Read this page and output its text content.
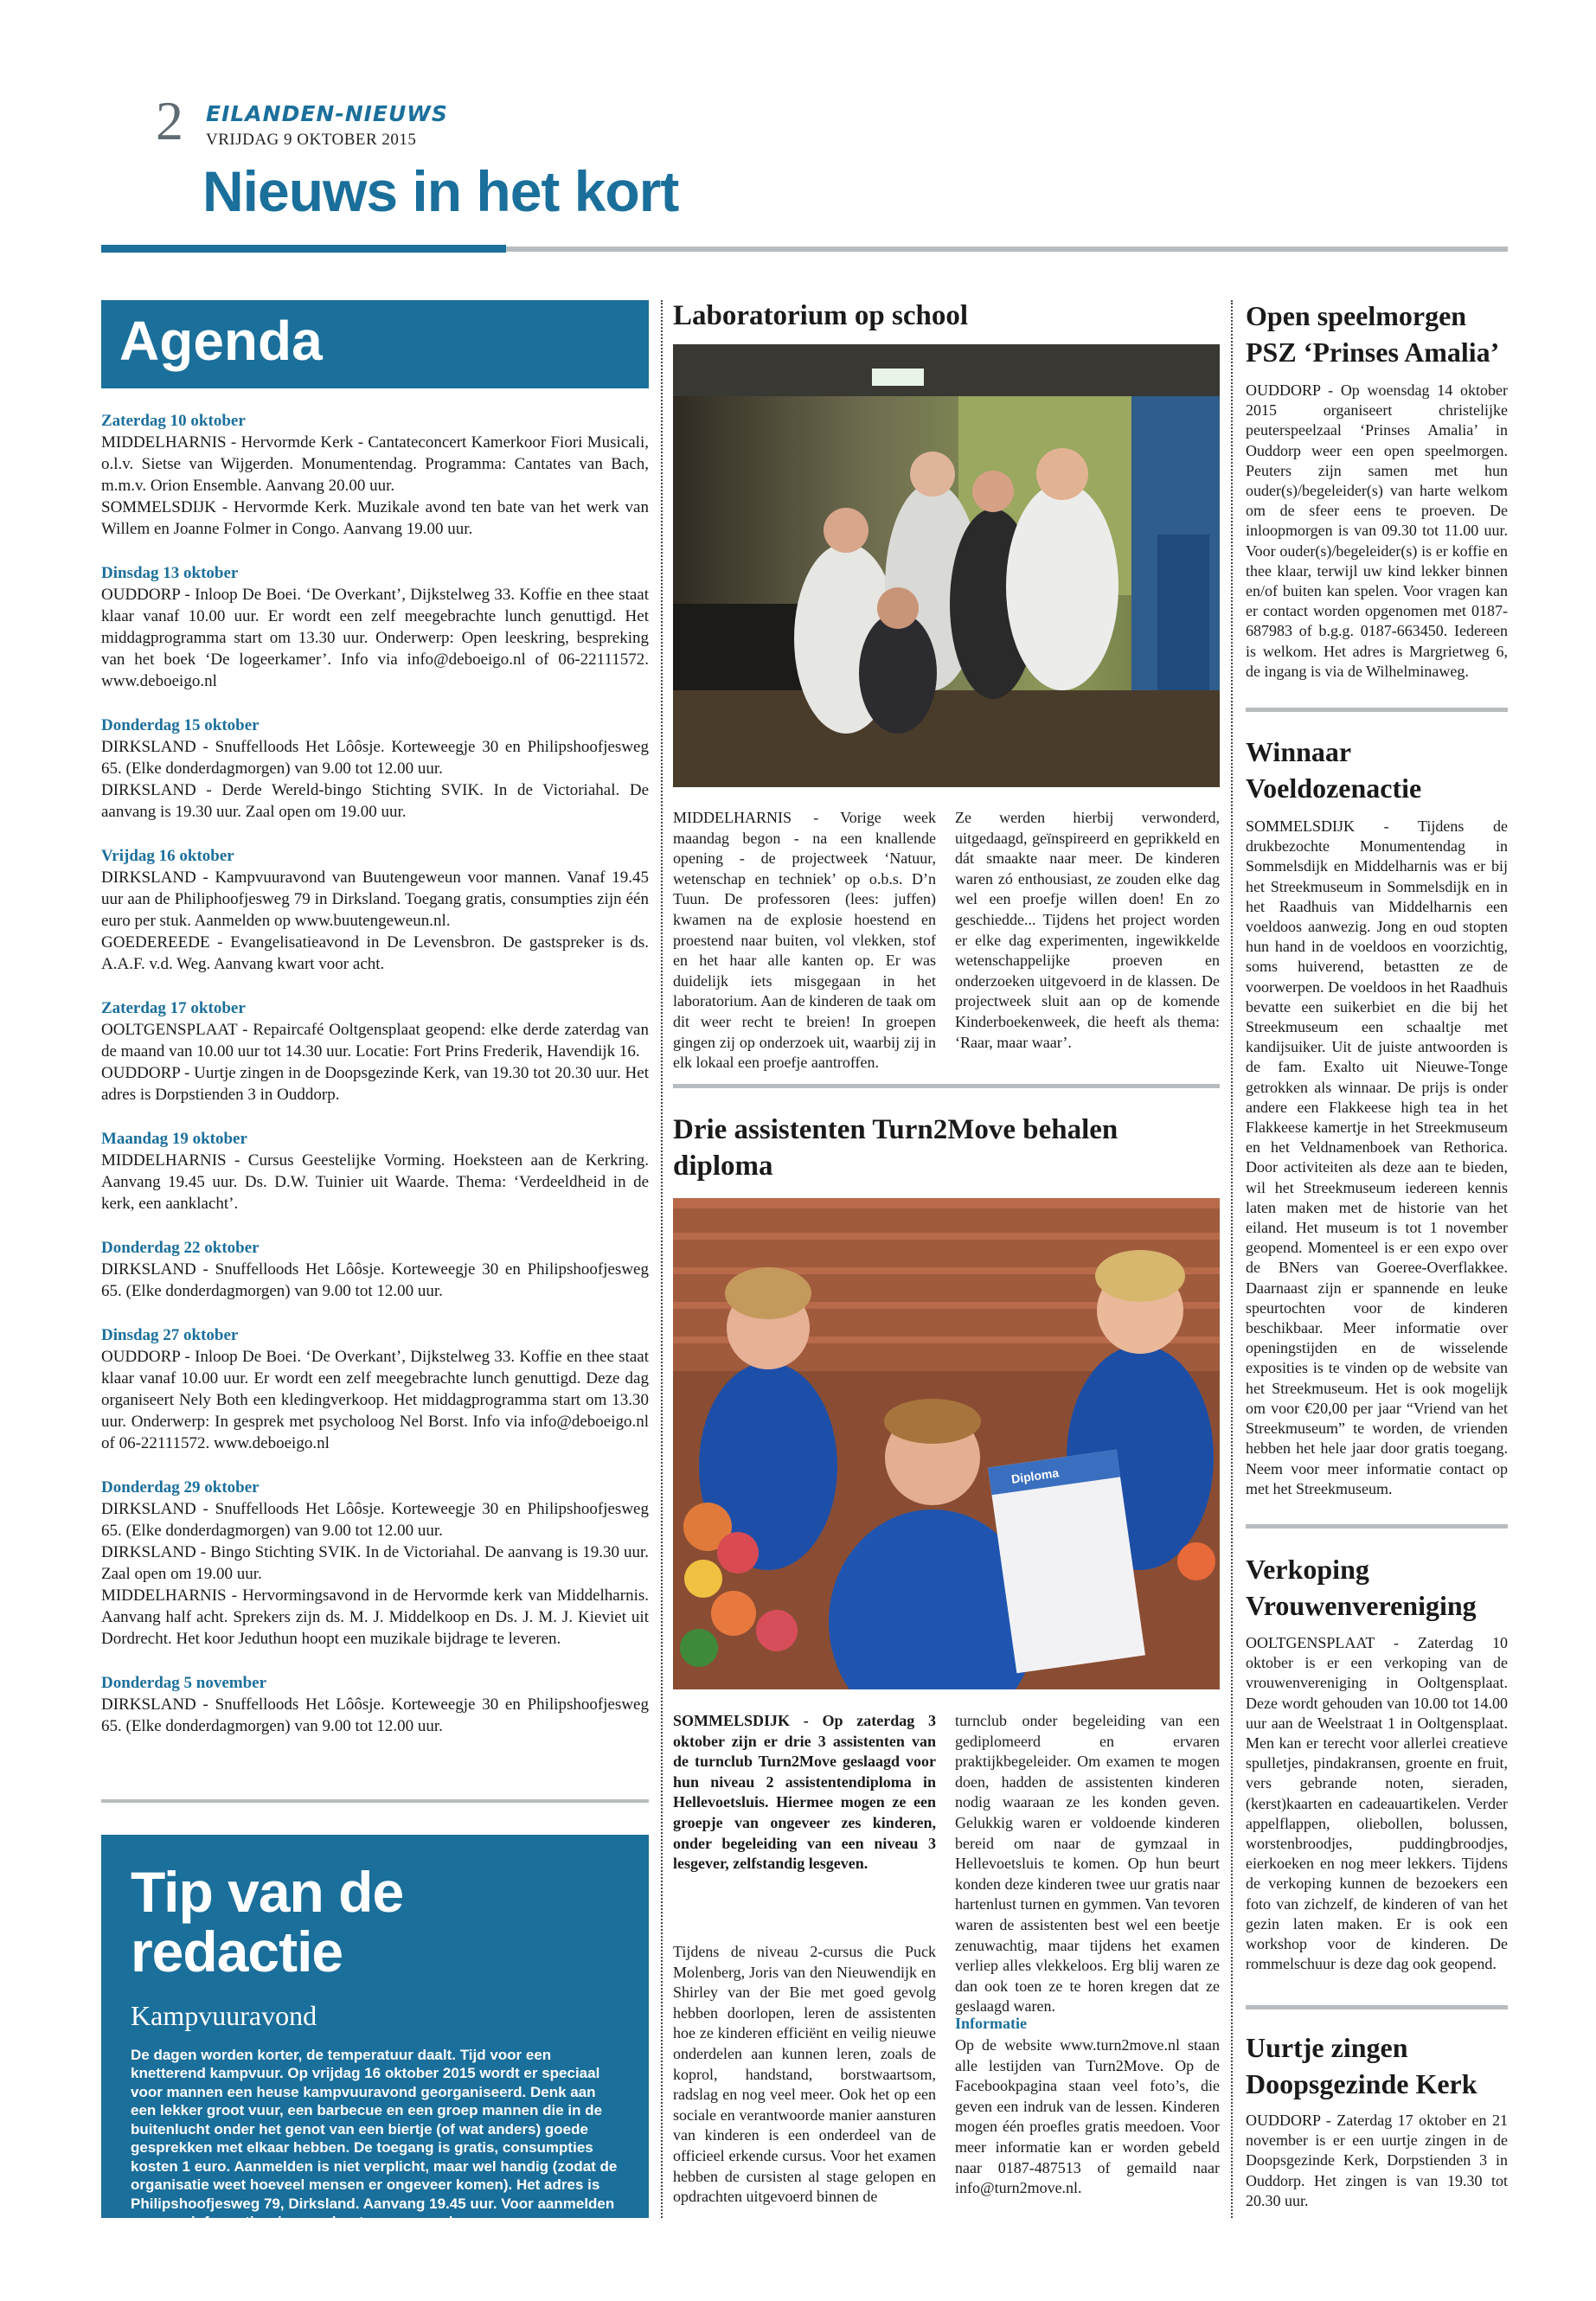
2 EILANDEN-NIEUWS
VRIJDAG 9 OKTOBER 2015
Nieuws in het kort
Agenda
Zaterdag 10 oktober
MIDDELHARNIS - Hervormde Kerk - Cantateconcert Kamerkoor Fiori Musicali, o.l.v. Sietse van Wijgerden. Monumentendag. Programma: Cantates van Bach, m.m.v. Orion Ensemble. Aanvang 20.00 uur.
SOMMELSDIJK - Hervormde Kerk. Muzikale avond ten bate van het werk van Willem en Joanne Folmer in Congo. Aanvang 19.00 uur.
Dinsdag 13 oktober
OUDDORP - Inloop De Boei. ‘De Overkant’, Dijkstelweg 33. Koffie en thee staat klaar vanaf 10.00 uur. Er wordt een zelf meegebrachte lunch genuttigd. Het middagprogramma start om 13.30 uur. Onderwerp: Open leeskring, bespreking van het boek ‘De logeerkamer’. Info via info@deboeigo.nl of 06-22111572. www.deboeigo.nl
Donderdag 15 oktober
DIRKSLAND - Snuffelloods Het Lôôsje. Korteweegje 30 en Philipshoofjesweg 65. (Elke donderdagmorgen) van 9.00 tot 12.00 uur.
DIRKSLAND - Derde Wereld-bingo Stichting SVIK. In de Victoriahal. De aanvang is 19.30 uur. Zaal open om 19.00 uur.
Vrijdag 16 oktober
DIRKSLAND - Kampvuuravond van Buutengeweun voor mannen. Vanaf 19.45 uur aan de Philiphoofjesweg 79 in Dirksland. Toegang gratis, consumpties zijn één euro per stuk. Aanmelden op www.buutengeweun.nl.
GOEDEREEDE - Evangelisatieavond in De Levensbron. De gastspreker is ds. A.A.F. v.d. Weg. Aanvang kwart voor acht.
Zaterdag 17 oktober
OOLTGENSPLAAT - Repaircafé Ooltgensplaat geopend: elke derde zaterdag van de maand van 10.00 uur tot 14.30 uur. Locatie: Fort Prins Frederik, Havendijk 16.
OUDDORP - Uurtje zingen in de Doopsgezinde Kerk, van 19.30 tot 20.30 uur. Het adres is Dorpstienden 3 in Ouddorp.
Maandag 19 oktober
MIDDELHARNIS - Cursus Geestelijke Vorming. Hoeksteen aan de Kerkring. Aanvang 19.45 uur. Ds. D.W. Tuinier uit Waarde. Thema: ‘Verdeeldheid in de kerk, een aanklacht’.
Donderdag 22 oktober
DIRKSLAND - Snuffelloods Het Lôôsje. Korteweegje 30 en Philipshoofjesweg 65. (Elke donderdagmorgen) van 9.00 tot 12.00 uur.
Dinsdag 27 oktober
OUDDORP - Inloop De Boei. ‘De Overkant’, Dijkstelweg 33. Koffie en thee staat klaar vanaf 10.00 uur. Er wordt een zelf meegebrachte lunch genuttigd. Deze dag organiseert Nely Both een kledingverkoop. Het middagprogramma start om 13.30 uur. Onderwerp: In gesprek met psycholoog Nel Borst. Info via info@deboeigo.nl of 06-22111572. www.deboeigo.nl
Donderdag 29 oktober
DIRKSLAND - Snuffelloods Het Lôôsje. Korteweegje 30 en Philipshoofjesweg 65. (Elke donderdagmorgen) van 9.00 tot 12.00 uur.
DIRKSLAND - Bingo Stichting SVIK. In de Victoriahal. De aanvang is 19.30 uur. Zaal open om 19.00 uur.
MIDDELHARNIS - Hervormingsavond in de Hervormde kerk van Middelharnis. Aanvang half acht. Sprekers zijn ds. M. J. Middelkoop en Ds. J. M. J. Kieviet uit Dordrecht. Het koor Jeduthun hoopt een muzikale bijdrage te leveren.
Donderdag 5 november
DIRKSLAND - Snuffelloods Het Lôôsje. Korteweegje 30 en Philipshoofjesweg 65. (Elke donderdagmorgen) van 9.00 tot 12.00 uur.
Tip van de redactie
Kampvuuravond
De dagen worden korter, de temperatuur daalt. Tijd voor een knetterend kampvuur. Op vrijdag 16 oktober 2015 wordt er speciaal voor mannen een heuse kampvuuravond georganiseerd. Denk aan een lekker groot vuur, een barbecue en een groep mannen die in de buitenlucht onder het genot van een biertje (of wat anders) goede gesprekken met elkaar hebben. De toegang is gratis, consumpties kosten 1 euro. Aanmelden is niet verplicht, maar wel handig (zodat de organisatie weet hoeveel mensen er ongeveer komen). Het adres is Philipshoofjesweg 79, Dirksland. Aanvang 19.45 uur. Voor aanmelden en meer informatie, zie www.buutengeweun.nl.
Laboratorium op school
MIDDELHARNIS - Vorige week maandag begon - na een knallende opening - de projectweek ‘Natuur, wetenschap en techniek’ op o.b.s. D’n Tuun. De professoren (lees: juffen) kwamen na de explosie hoestend en proestend naar buiten, vol vlekken, stof en het haar alle kanten op. Er was duidelijk iets misgegaan in het laboratorium. Aan de kinderen de taak om dit weer recht te breien! In groepen gingen zij op onderzoek uit, waarbij zij in elk lokaal een proefje aantroffen.
Ze werden hierbij verwonderd, uitgedaagd, geïnspireerd en geprikkeld en dát smaakte naar meer. De kinderen waren zó enthousiast, ze zouden elke dag wel een proefje willen doen! En zo geschiedde... Tijdens het project worden er elke dag experimenten, ingewikkelde wetenschappelijke proeven en onderzoeken uitgevoerd in de klassen. De projectweek sluit aan op de komende Kinderboekenweek, die heeft als thema: ‘Raar, maar waar’.
Drie assistenten Turn2Move behalen diploma
Diploma
SOMMELSDIJK - Op zaterdag 3 oktober zijn er drie 3 assistenten van de turnclub Turn2Move geslaagd voor hun niveau 2 assistentendiploma in Hellevoetsluis. Hiermee mogen ze een groepje van ongeveer zes kinderen, onder begeleiding van een niveau 3 lesgever, zelfstandig lesgeven.
Tijdens de niveau 2-cursus die Puck Molenberg, Joris van den Nieuwendijk en Shirley van der Bie met goed gevolg hebben doorlopen, leren de assistenten hoe ze kinderen efficiënt en veilig nieuwe onderdelen aan kunnen leren, zoals de koprol, handstand, borstwaartsom, radslag en nog veel meer. Ook het op een sociale en verantwoorde manier aansturen van kinderen is een onderdeel van de officieel erkende cursus. Voor het examen hebben de cursisten al stage gelopen en opdrachten uitgevoerd binnen de
turnclub onder begeleiding van een gediplomeerd en ervaren praktijkbegeleider. Om examen te mogen doen, hadden de assistenten kinderen nodig waaraan ze les konden geven. Gelukkig waren er voldoende kinderen bereid om naar de gymzaal in Hellevoetsluis te komen. Op hun beurt konden deze kinderen twee uur gratis naar hartenlust turnen en gymmen. Van tevoren waren de assistenten best wel een beetje zenuwachtig, maar tijdens het examen verliep alles vlekkeloos. Erg blij waren ze dan ook toen ze te horen kregen dat ze geslaagd waren.
Informatie
Op de website www.turn2move.nl staan alle lestijden van Turn2Move. Op de Facebookpagina staan veel foto’s, die geven een indruk van de lessen. Kinderen mogen één proefles gratis meedoen. Voor meer informatie kan er worden gebeld naar 0187-487513 of gemaild naar info@turn2move.nl.
Open speelmorgen PSZ ‘Prinses Amalia’
OUDDORP - Op woensdag 14 oktober 2015 organiseert christelijke peuterspeelzaal ‘Prinses Amalia’ in Ouddorp weer een open speelmorgen. Peuters zijn samen met hun ouder(s)/begeleider(s) van harte welkom om de sfeer eens te proeven. De inloopmorgen is van 09.30 tot 11.00 uur. Voor ouder(s)/begeleider(s) is er koffie en thee klaar, terwijl uw kind lekker binnen en/of buiten kan spelen. Voor vragen kan er contact worden opgenomen met 0187-687983 of b.g.g. 0187-663450. Iedereen is welkom. Het adres is Margrietweg 6, de ingang is via de Wilhelminaweg.
Winnaar Voeldozenactie
SOMMELSDIJK - Tijdens de drukbezochte Monumentendag in Sommelsdijk en Middelharnis was er bij het Streekmuseum in Sommelsdijk en in het Raadhuis van Middelharnis een voeldoos aanwezig. Jong en oud stopten hun hand in de voeldoos en voorzichtig, soms huiverend, betastten ze de voorwerpen. De voeldoos in het Raadhuis bevatte een suikerbiet en die bij het Streekmuseum een schaaltje met kandijsuiker. Uit de juiste antwoorden is de fam. Exalto uit Nieuwe-Tonge getrokken als winnaar. De prijs is onder andere een Flakkeese high tea in het Flakkeese kamertje in het Streekmuseum en het Veldnamenboek van Rethorica. Door activiteiten als deze aan te bieden, wil het Streekmuseum iedereen kennis laten maken met de historie van het eiland. Het museum is tot 1 november geopend. Momenteel is er een expo over de BNers van Goeree-Overflakkee. Daarnaast zijn er spannende en leuke speurtochten voor de kinderen beschikbaar. Meer informatie over openingstijden en de wisselende exposities is te vinden op de website van het Streekmuseum. Het is ook mogelijk om voor €20,00 per jaar “Vriend van het Streekmuseum” te worden, de vrienden hebben het hele jaar door gratis toegang. Neem voor meer informatie contact op met het Streekmuseum.
Verkoping Vrouwenvereniging
OOLTGENSPLAAT - Zaterdag 10 oktober is er een verkoping van de vrouwenvereniging in Ooltgensplaat. Deze wordt gehouden van 10.00 tot 14.00 uur aan de Weelstraat 1 in Ooltgensplaat. Men kan er terecht voor allerlei creatieve spulletjes, pindakransen, groente en fruit, vers gebrande noten, sieraden, (kerst)kaarten en cadeauartikelen. Verder appelflappen, oliebollen, bolussen, worstenbroodjes, puddingbroodjes, eierkoeken en nog meer lekkers. Tijdens de verkoping kunnen de bezoekers een foto van zichzelf, de kinderen of van het gezin laten maken. Er is ook een workshop voor de kinderen. De rommelschuur is deze dag ook geopend.
Uurtje zingen Doopsgezinde Kerk
OUDDORP - Zaterdag 17 oktober en 21 november is er een uurtje zingen in de Doopsgezinde Kerk, Dorpstienden 3 in Ouddorp. Het zingen is van 19.30 tot 20.30 uur.
